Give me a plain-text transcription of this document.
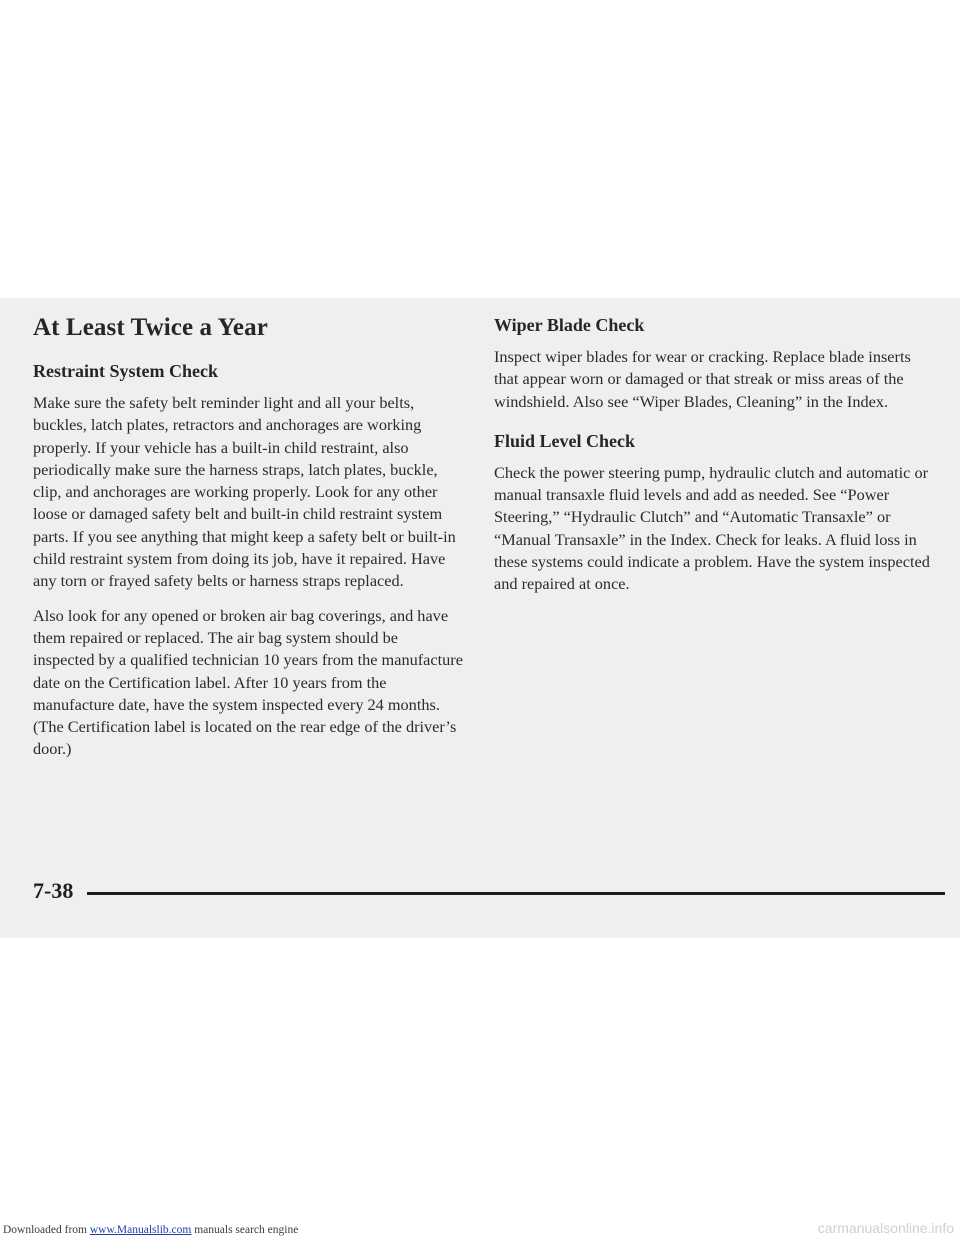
At Least Twice a Year
Restraint System Check

Make sure the safety belt reminder light and all your belts, buckles, latch plates, retractors and anchorages are working properly. If your vehicle has a built-in child restraint, also periodically make sure the harness straps, latch plates, buckle, clip, and anchorages are working properly. Look for any other loose or damaged safety belt and built-in child restraint system parts. If you see anything that might keep a safety belt or built-in child restraint system from doing its job, have it repaired. Have any torn or frayed safety belts or harness straps replaced.

Also look for any opened or broken air bag coverings, and have them repaired or replaced. The air bag system should be inspected by a qualified technician 10 years from the manufacture date on the Certification label. After 10 years from the manufacture date, have the system inspected every 24 months. (The Certification label is located on the rear edge of the driver’s door.)

Wiper Blade Check

Inspect wiper blades for wear or cracking. Replace blade inserts that appear worn or damaged or that streak or miss areas of the windshield. Also see “Wiper Blades, Cleaning” in the Index.

Fluid Level Check

Check the power steering pump, hydraulic clutch and automatic or manual transaxle fluid levels and add as needed. See “Power Steering,” “Hydraulic Clutch” and “Automatic Transaxle” or “Manual Transaxle” in the Index. Check for leaks. A fluid loss in these systems could indicate a problem. Have the system inspected and repaired at once.

7-38
Downloaded from www.Manualslib.com manuals search engine	carmanualsonline.info
